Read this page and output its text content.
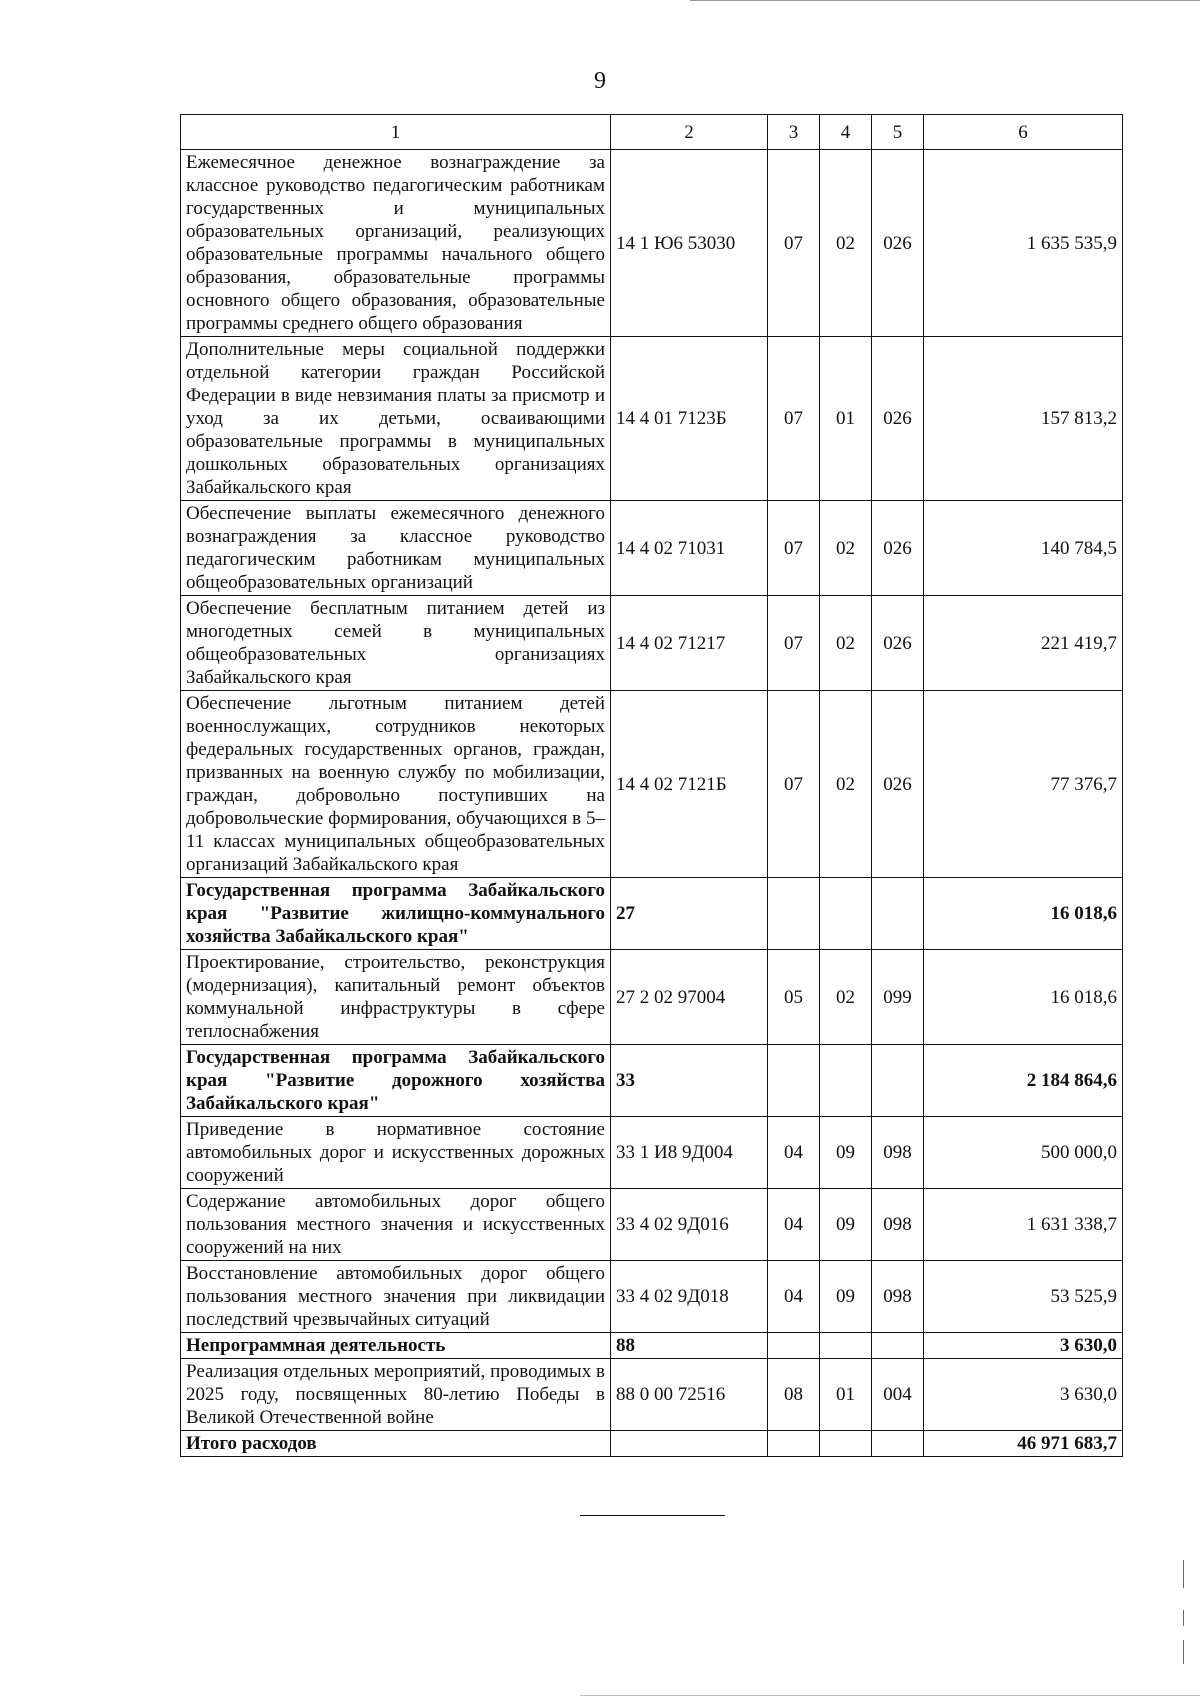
9
1	2	3	4	5	6
Ежемесячное денежное вознаграждение за классное руководство педагогическим работникам государственных и муниципальных образовательных организаций, реализующих образовательные программы начального общего образования, образовательные программы основного общего образования, образовательные программы среднего общего образования	14 1 Ю6 53030	07	02	026	1 635 535,9
Дополнительные меры социальной поддержки отдельной категории граждан Российской Федерации в виде невзимания платы за присмотр и уход за их детьми, осваивающими образовательные программы в муниципальных дошкольных образовательных организациях Забайкальского края	14 4 01 7123Б	07	01	026	157 813,2
Обеспечение выплаты ежемесячного денежного вознаграждения за классное руководство педагогическим работникам муниципальных общеобразовательных организаций	14 4 02 71031	07	02	026	140 784,5
Обеспечение бесплатным питанием детей из многодетных семей в муниципальных общеобразовательных организациях Забайкальского края	14 4 02 71217	07	02	026	221 419,7
Обеспечение льготным питанием детей военнослужащих, сотрудников некоторых федеральных государственных органов, граждан, призванных на военную службу по мобилизации, граждан, добровольно поступивших на добровольческие формирования, обучающихся в 5–11 классах муниципальных общеобразовательных организаций Забайкальского края	14 4 02 7121Б	07	02	026	77 376,7
Государственная программа Забайкальского края "Развитие жилищно-коммунального хозяйства Забайкальского края"	27				16 018,6
Проектирование, строительство, реконструкция (модернизация), капитальный ремонт объектов коммунальной инфраструктуры в сфере теплоснабжения	27 2 02 97004	05	02	099	16 018,6
Государственная программа Забайкальского края "Развитие дорожного хозяйства Забайкальского края"	33				2 184 864,6
Приведение в нормативное состояние автомобильных дорог и искусственных дорожных сооружений	33 1 И8 9Д004	04	09	098	500 000,0
Содержание автомобильных дорог общего пользования местного значения и искусственных сооружений на них	33 4 02 9Д016	04	09	098	1 631 338,7
Восстановление автомобильных дорог общего пользования местного значения при ликвидации последствий чрезвычайных ситуаций	33 4 02 9Д018	04	09	098	53 525,9
Непрограммная деятельность	88				3 630,0
Реализация отдельных мероприятий, проводимых в 2025 году, посвященных 80-летию Победы в Великой Отечественной войне	88 0 00 72516	08	01	004	3 630,0
Итого расходов					46 971 683,7
